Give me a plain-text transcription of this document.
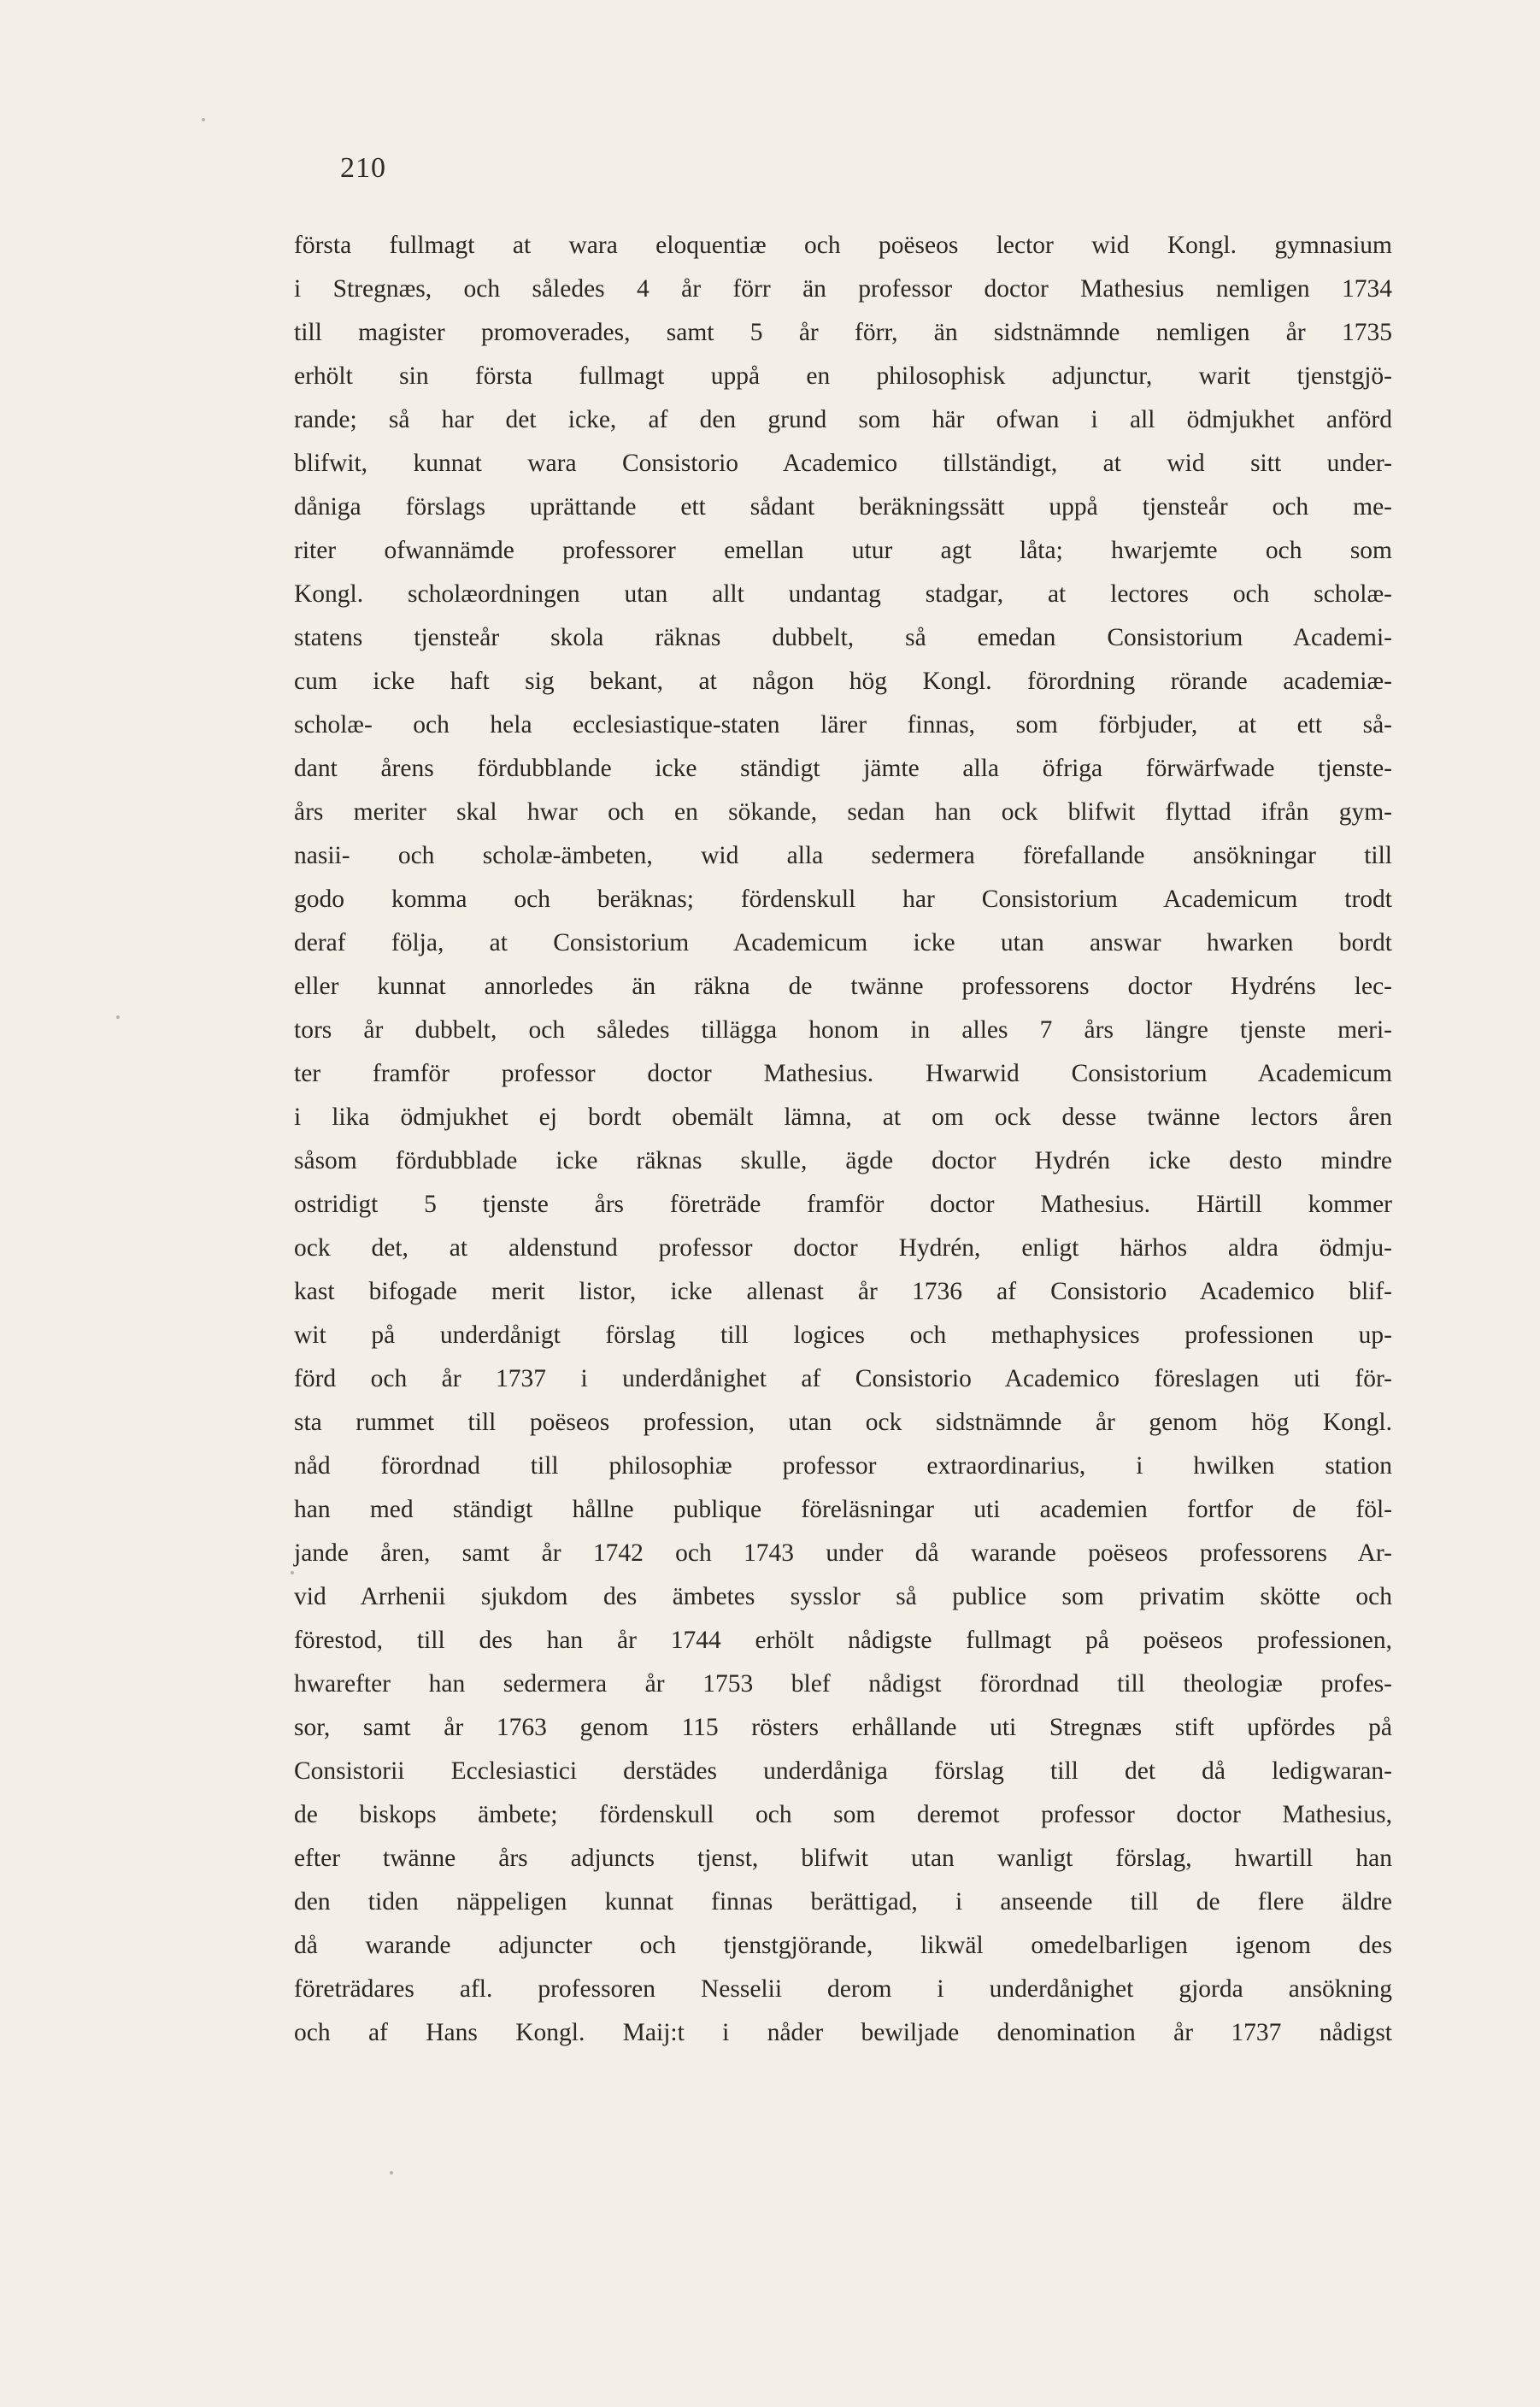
210
första fullmagt at wara eloquentiæ och poëseos lector wid Kongl. gymnasium
i Stregnæs, och således 4 år förr än professor doctor Mathesius nemligen 1734
till magister promoverades, samt 5 år förr, än sidstnämnde nemligen år 1735
erhölt sin första fullmagt uppå en philosophisk adjunctur, warit tjenstgjö-
rande; så har det icke, af den grund som här ofwan i all ödmjukhet anförd
blifwit, kunnat wara Consistorio Academico tillständigt, at wid sitt under-
dåniga förslags uprättande ett sådant beräkningssätt uppå tjensteår och me-
riter ofwannämde professorer emellan utur agt låta; hwarjemte och som
Kongl. scholæordningen utan allt undantag stadgar, at lectores och scholæ-
statens tjensteår skola räknas dubbelt, så emedan Consistorium Academi-
cum icke haft sig bekant, at någon hög Kongl. förordning rörande academiæ-
scholæ- och hela ecclesiastique-staten lärer finnas, som förbjuder, at ett så-
dant årens fördubblande icke ständigt jämte alla öfriga förwärfwade tjenste-
års meriter skal hwar och en sökande, sedan han ock blifwit flyttad ifrån gym-
nasii- och scholæ-ämbeten, wid alla sedermera förefallande ansökningar till
godo komma och beräknas; fördenskull har Consistorium Academicum trodt
deraf följa, at Consistorium Academicum icke utan answar hwarken bordt
eller kunnat annorledes än räkna de twänne professorens doctor Hydréns lec-
tors år dubbelt, och således tillägga honom in alles 7 års längre tjenste meri-
ter framför professor doctor Mathesius. Hwarwid Consistorium Academicum
i lika ödmjukhet ej bordt obemält lämna, at om ock desse twänne lectors åren
såsom fördubblade icke räknas skulle, ägde doctor Hydrén icke desto mindre
ostridigt 5 tjenste års företräde framför doctor Mathesius. Härtill kommer
ock det, at aldenstund professor doctor Hydrén, enligt härhos aldra ödmju-
kast bifogade merit listor, icke allenast år 1736 af Consistorio Academico blif-
wit på underdånigt förslag till logices och methaphysices professionen up-
förd och år 1737 i underdånighet af Consistorio Academico föreslagen uti för-
sta rummet till poëseos profession, utan ock sidstnämnde år genom hög Kongl.
nåd förordnad till philosophiæ professor extraordinarius, i hwilken station
han med ständigt hållne publique föreläsningar uti academien fortfor de föl-
jande åren, samt år 1742 och 1743 under då warande poëseos professorens Ar-
vid Arrhenii sjukdom des ämbetes sysslor så publice som privatim skötte och
förestod, till des han år 1744 erhölt nådigste fullmagt på poëseos professionen,
hwarefter han sedermera år 1753 blef nådigst förordnad till theologiæ profes-
sor, samt år 1763 genom 115 rösters erhållande uti Stregnæs stift upfördes på
Consistorii Ecclesiastici derstädes underdåniga förslag till det då ledigwaran-
de biskops ämbete; fördenskull och som deremot professor doctor Mathesius,
efter twänne års adjuncts tjenst, blifwit utan wanligt förslag, hwartill han
den tiden näppeligen kunnat finnas berättigad, i anseende till de flere äldre
då warande adjuncter och tjenstgjörande, likwäl omedelbarligen igenom des
företrädares afl. professoren Nesselii derom i underdånighet gjorda ansökning
och af Hans Kongl. Maij:t i nåder bewiljade denomination år 1737 nådigst
